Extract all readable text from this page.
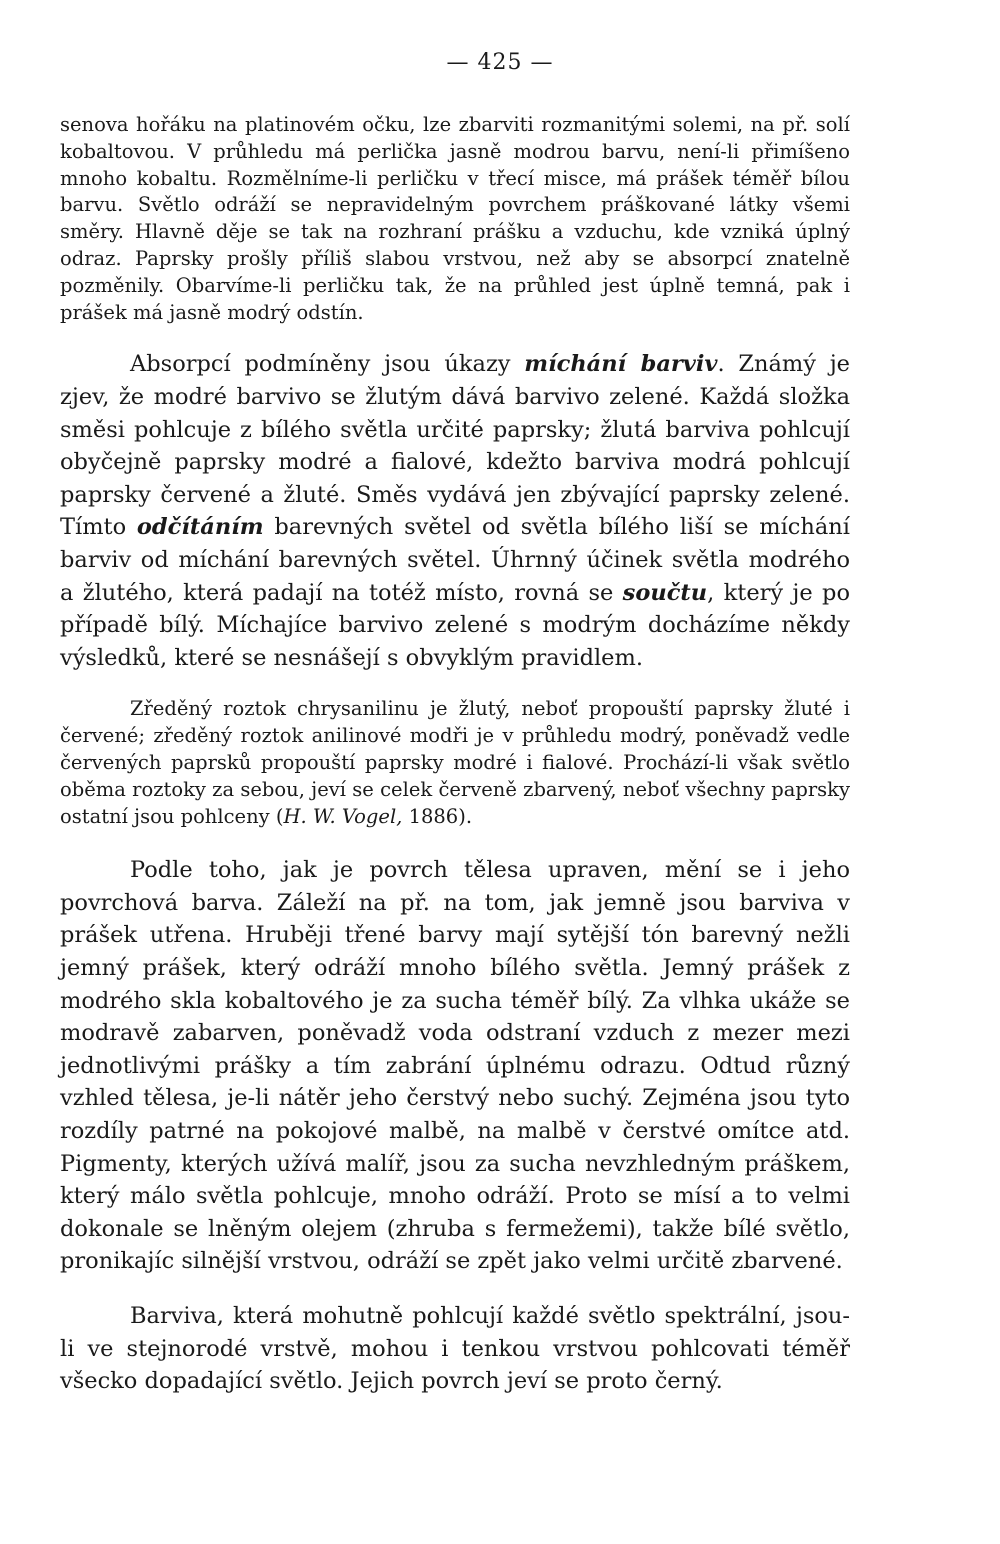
— 425 —

senova hořáku na platinovém očku, lze zbarviti rozmanitými solemi, na př. solí kobaltovou. V průhledu má perlička jasně modrou barvu, není-li přimíšeno mnoho kobaltu. Rozmělníme-li perličku v třecí misce, má prášek téměř bílou barvu. Světlo odráží se nepravidelným povrchem práškované látky všemi směry. Hlavně děje se tak na rozhraní prášku a vzduchu, kde vzniká úplný odraz. Paprsky prošly příliš slabou vrstvou, než aby se absorpcí znatelně pozměnily. Obarvíme-li perličku tak, že na průhled jest úplně temná, pak i prášek má jasně modrý odstín.

Absorpcí podmíněny jsou úkazy míchání barviv. Známý je zjev, že modré barvivo se žlutým dává barvivo zelené. Každá složka směsi pohlcuje z bílého světla určité paprsky; žlutá barviva pohlcují obyčejně paprsky modré a fialové, kdežto barviva modrá pohlcují paprsky červené a žluté. Směs vydává jen zbývající paprsky zelené. Tímto odčítáním barevných světel od světla bílého liší se míchání barviv od míchání barevných světel. Úhrnný účinek světla modrého a žlutého, která padají na totéž místo, rovná se součtu, který je po případě bílý. Míchajíce barvivo zelené s modrým docházíme někdy výsledků, které se nesnášejí s obvyklým pravidlem.

Zředěný roztok chrysanilinu je žlutý, neboť propouští paprsky žluté i červené; zředěný roztok anilinové modři je v průhledu modrý, poněvadž vedle červených paprsků propouští paprsky modré i fialové. Prochází-li však světlo oběma roztoky za sebou, jeví se celek červeně zbarvený, neboť všechny paprsky ostatní jsou pohlceny (H. W. Vogel, 1886).

Podle toho, jak je povrch tělesa upraven, mění se i jeho povrchová barva. Záleží na př. na tom, jak jemně jsou barviva v prášek utřena. Hruběji třené barvy mají sytější tón barevný nežli jemný prášek, který odráží mnoho bílého světla. Jemný prášek z modrého skla kobaltového je za sucha téměř bílý. Za vlhka ukáže se modravě zabarven, poněvadž voda odstraní vzduch z mezer mezi jednotlivými prášky a tím zabrání úplnému odrazu. Odtud různý vzhled tělesa, je-li nátěr jeho čerstvý nebo suchý. Zejména jsou tyto rozdíly patrné na pokojové malbě, na malbě v čerstvé omítce atd. Pigmenty, kterých užívá malíř, jsou za sucha nevzhledným práškem, který málo světla pohlcuje, mnoho odráží. Proto se mísí a to velmi dokonale se lněným olejem (zhruba s fermežemi), takže bílé světlo, pronikajíc silnější vrstvou, odráží se zpět jako velmi určitě zbarvené.

Barviva, která mohutně pohlcují každé světlo spektrální, jsou-li ve stejnorodé vrstvě, mohou i tenkou vrstvou pohlcovati téměř všecko dopadající světlo. Jejich povrch jeví se proto černý.
